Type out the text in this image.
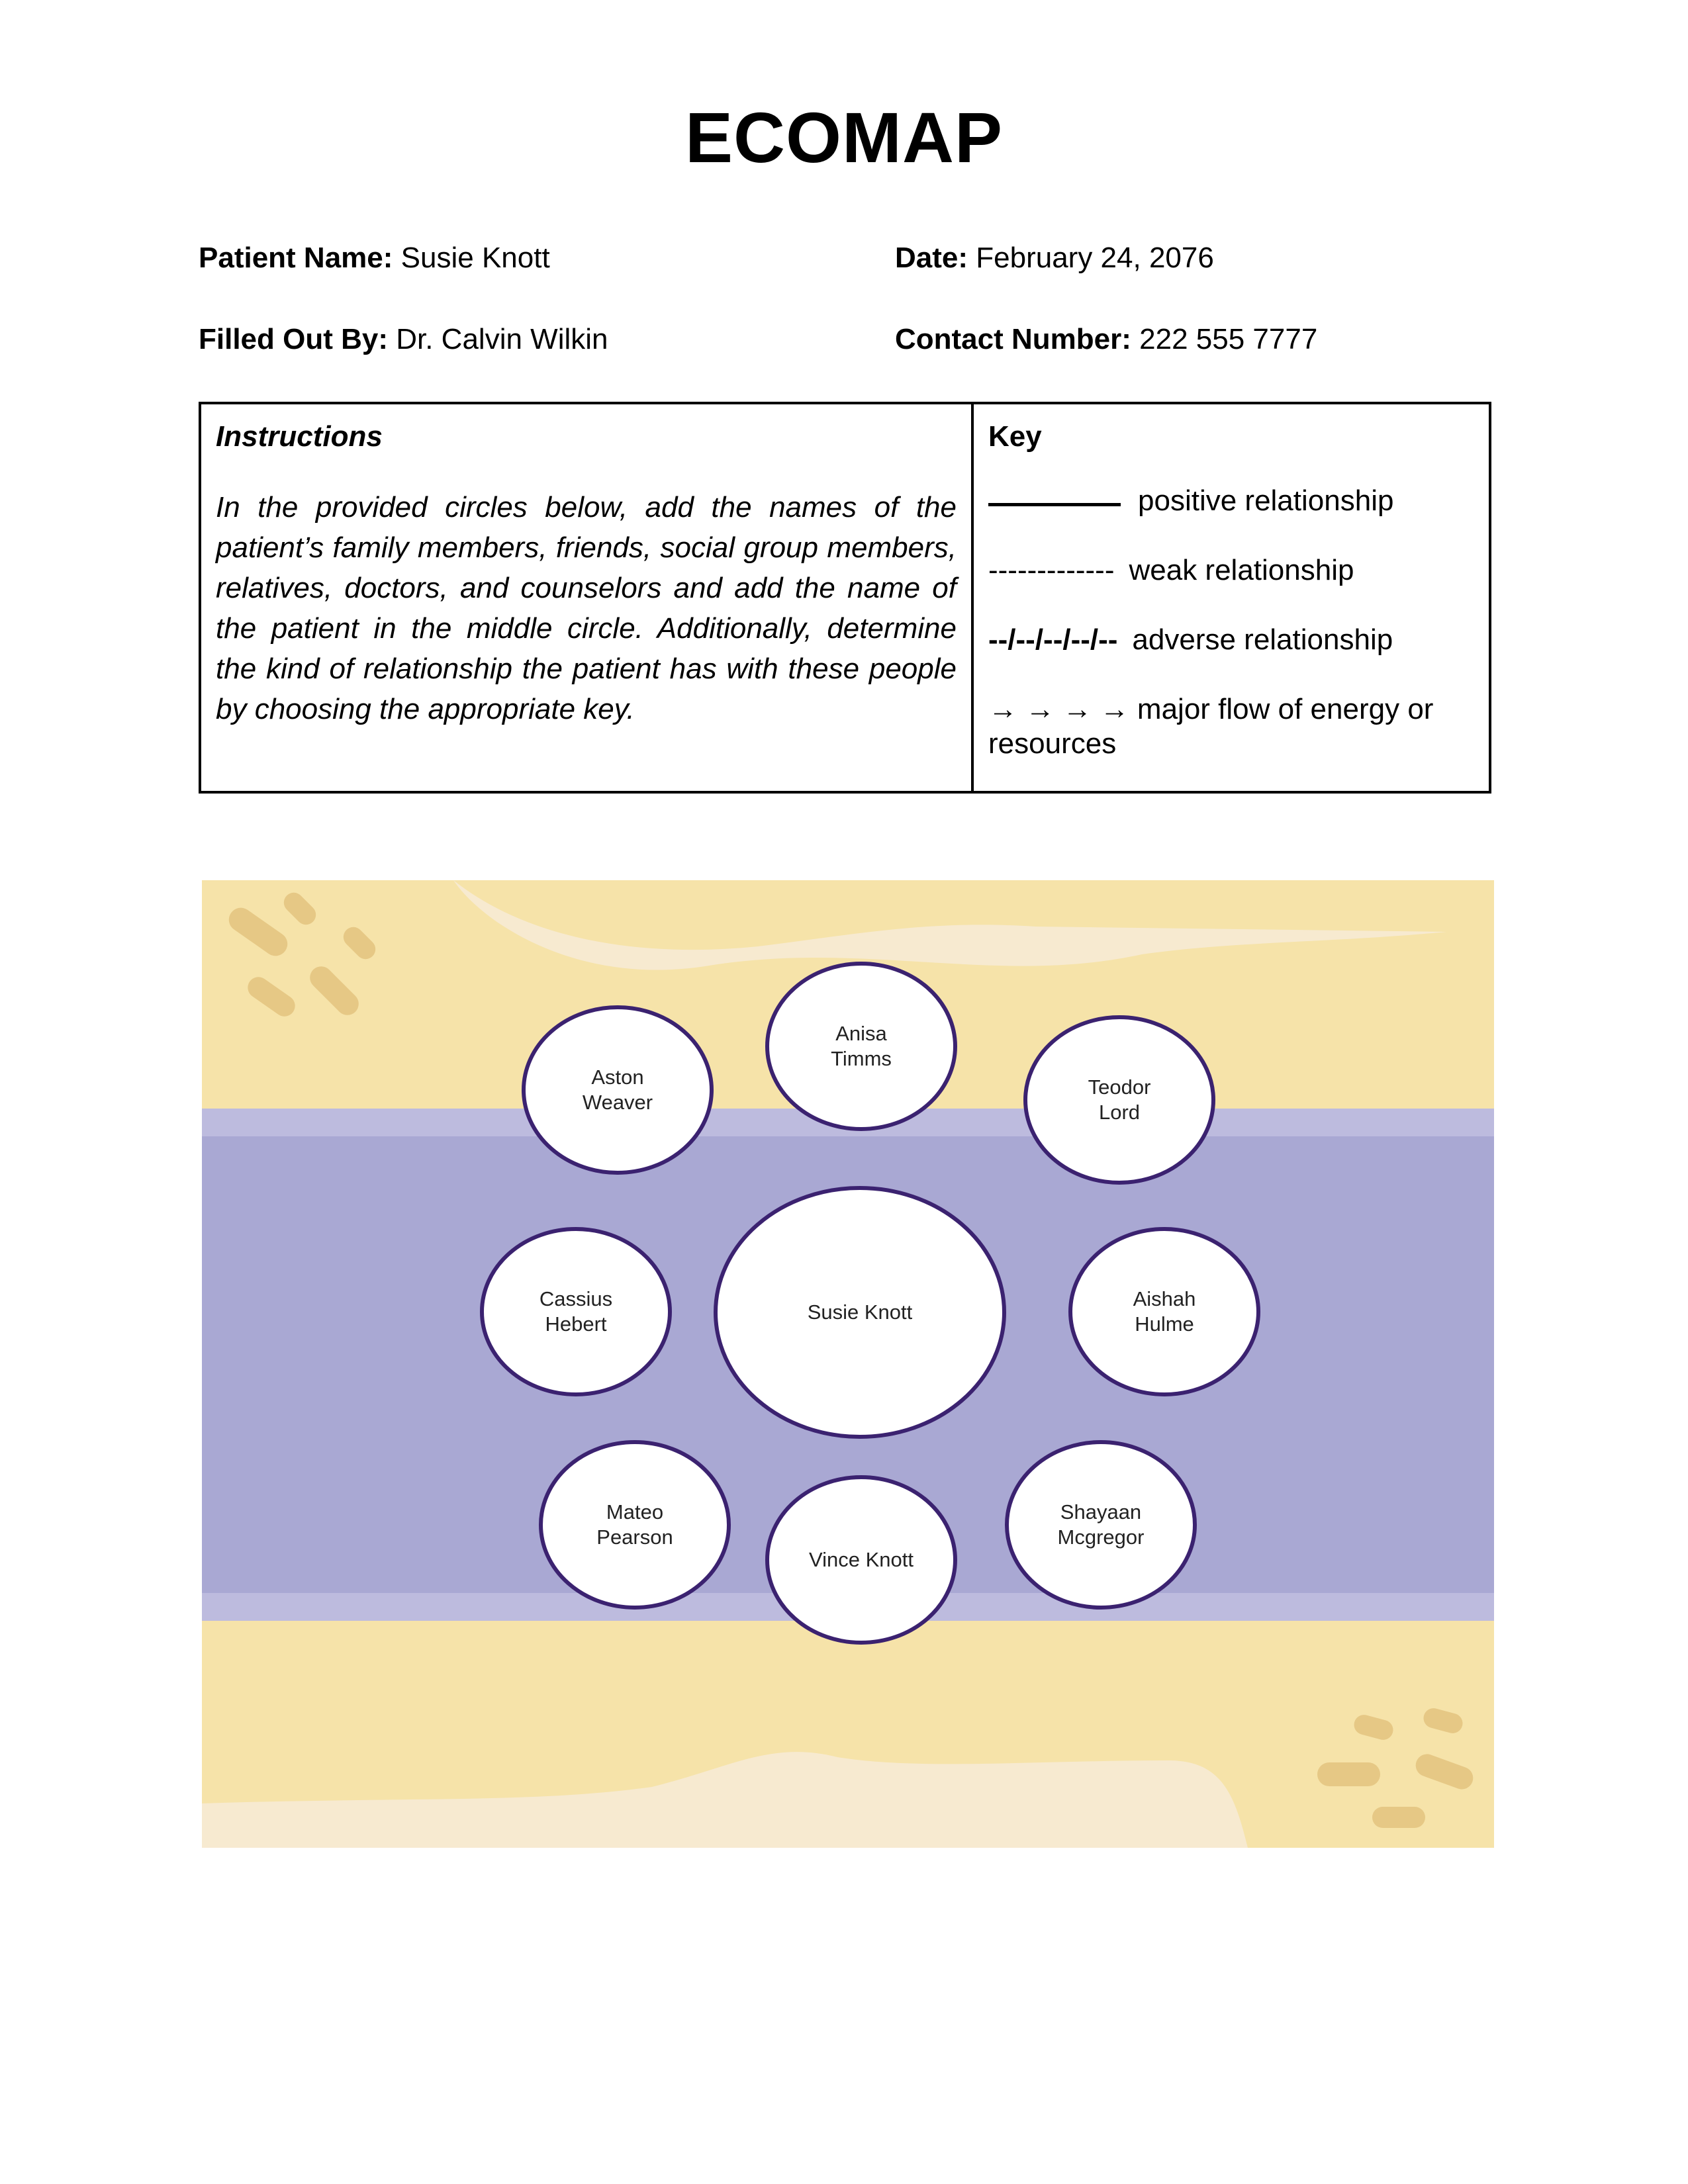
ECOMAP
Patient Name: Susie Knott	Date: February 24, 2076
Filled Out By: Dr. Calvin Wilkin	Contact Number: 222 555 7777

Instructions

In the provided circles below, add the names of the patient’s family members, friends, social group members, relatives, doctors, and counselors and add the name of the patient in the middle circle. Additionally, determine the kind of relationship the patient has with these people by choosing the appropriate key.

Key

positive relationship
------------- weak relationship
--/--/--/--/-- adverse relationship
→ → → → major flow of energy or resources
Anisa
Timms
Aston
Weaver
Teodor
Lord
Cassius
Hebert
Aishah
Hulme
Mateo
Pearson
Vince Knott
Shayaan
Mcgregor
Susie Knott
